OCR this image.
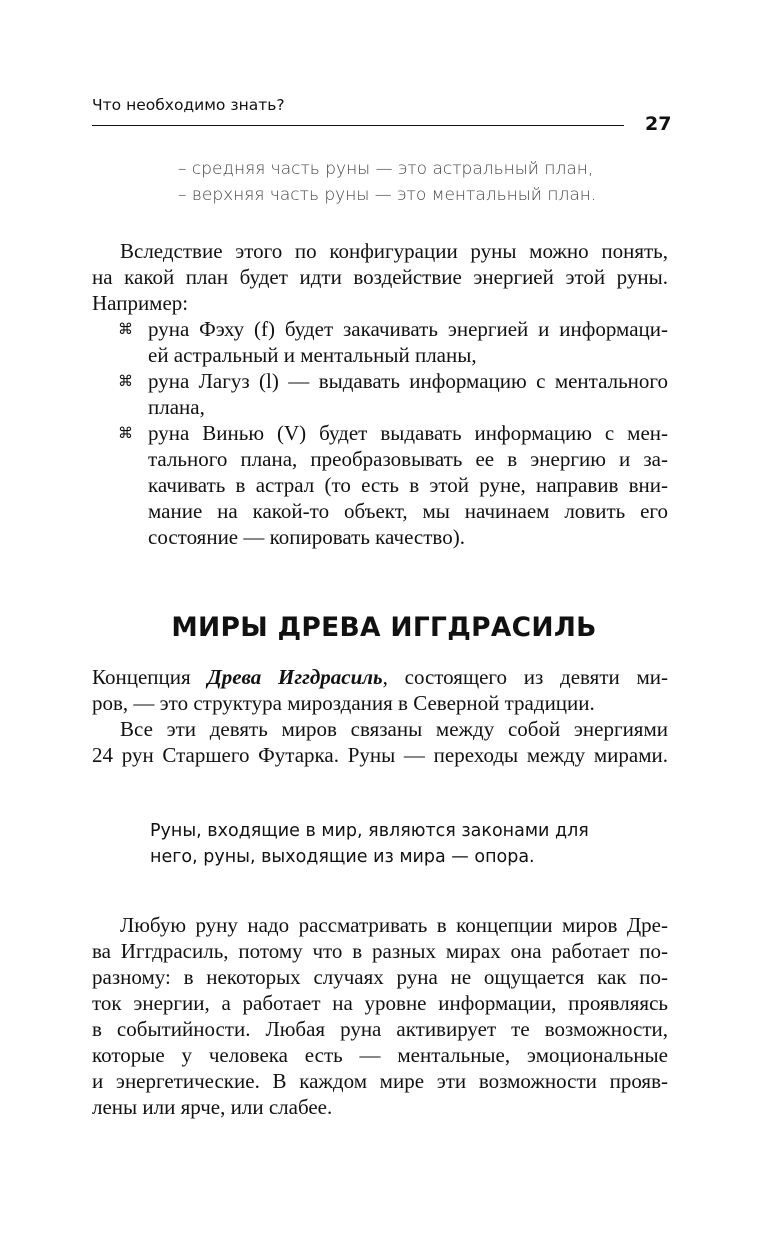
Что необходимо знать?
27
– средняя часть руны — это астральный план,
– верхняя часть руны — это ментальный план.
Вследствие этого по конфигурации руны можно понять,
на какой план будет идти воздействие энергией этой руны.
Например:
⌘ руна Фэху (f) будет закачивать энергией и информаци-
ей астральный и ментальный планы,
⌘ руна Лагуз (l) — выдавать информацию с ментального
плана,
⌘ руна Винью (V) будет выдавать информацию с мен-
тального плана, преобразовывать ее в энергию и за-
качивать в астрал (то есть в этой руне, направив вни-
мание на какой-то объект, мы начинаем ловить его
состояние — копировать качество).
МИРЫ ДРЕВА ИГГДРАСИЛЬ
Концепция Древа Иггдрасиль, состоящего из девяти ми-
ров, — это структура мироздания в Северной традиции.
Все эти девять миров связаны между собой энергиями
24 рун Старшего Футарка. Руны — переходы между мирами.
Руны, входящие в мир, являются законами для
него, руны, выходящие из мира — опора.
Любую руну надо рассматривать в концепции миров Дре-
ва Иггдрасиль, потому что в разных мирах она работает по-
разному: в некоторых случаях руна не ощущается как по-
ток энергии, а работает на уровне информации, проявляясь
в событийности. Любая руна активирует те возможности,
которые у человека есть — ментальные, эмоциональные
и энергетические. В каждом мире эти возможности прояв-
лены или ярче, или слабее.
